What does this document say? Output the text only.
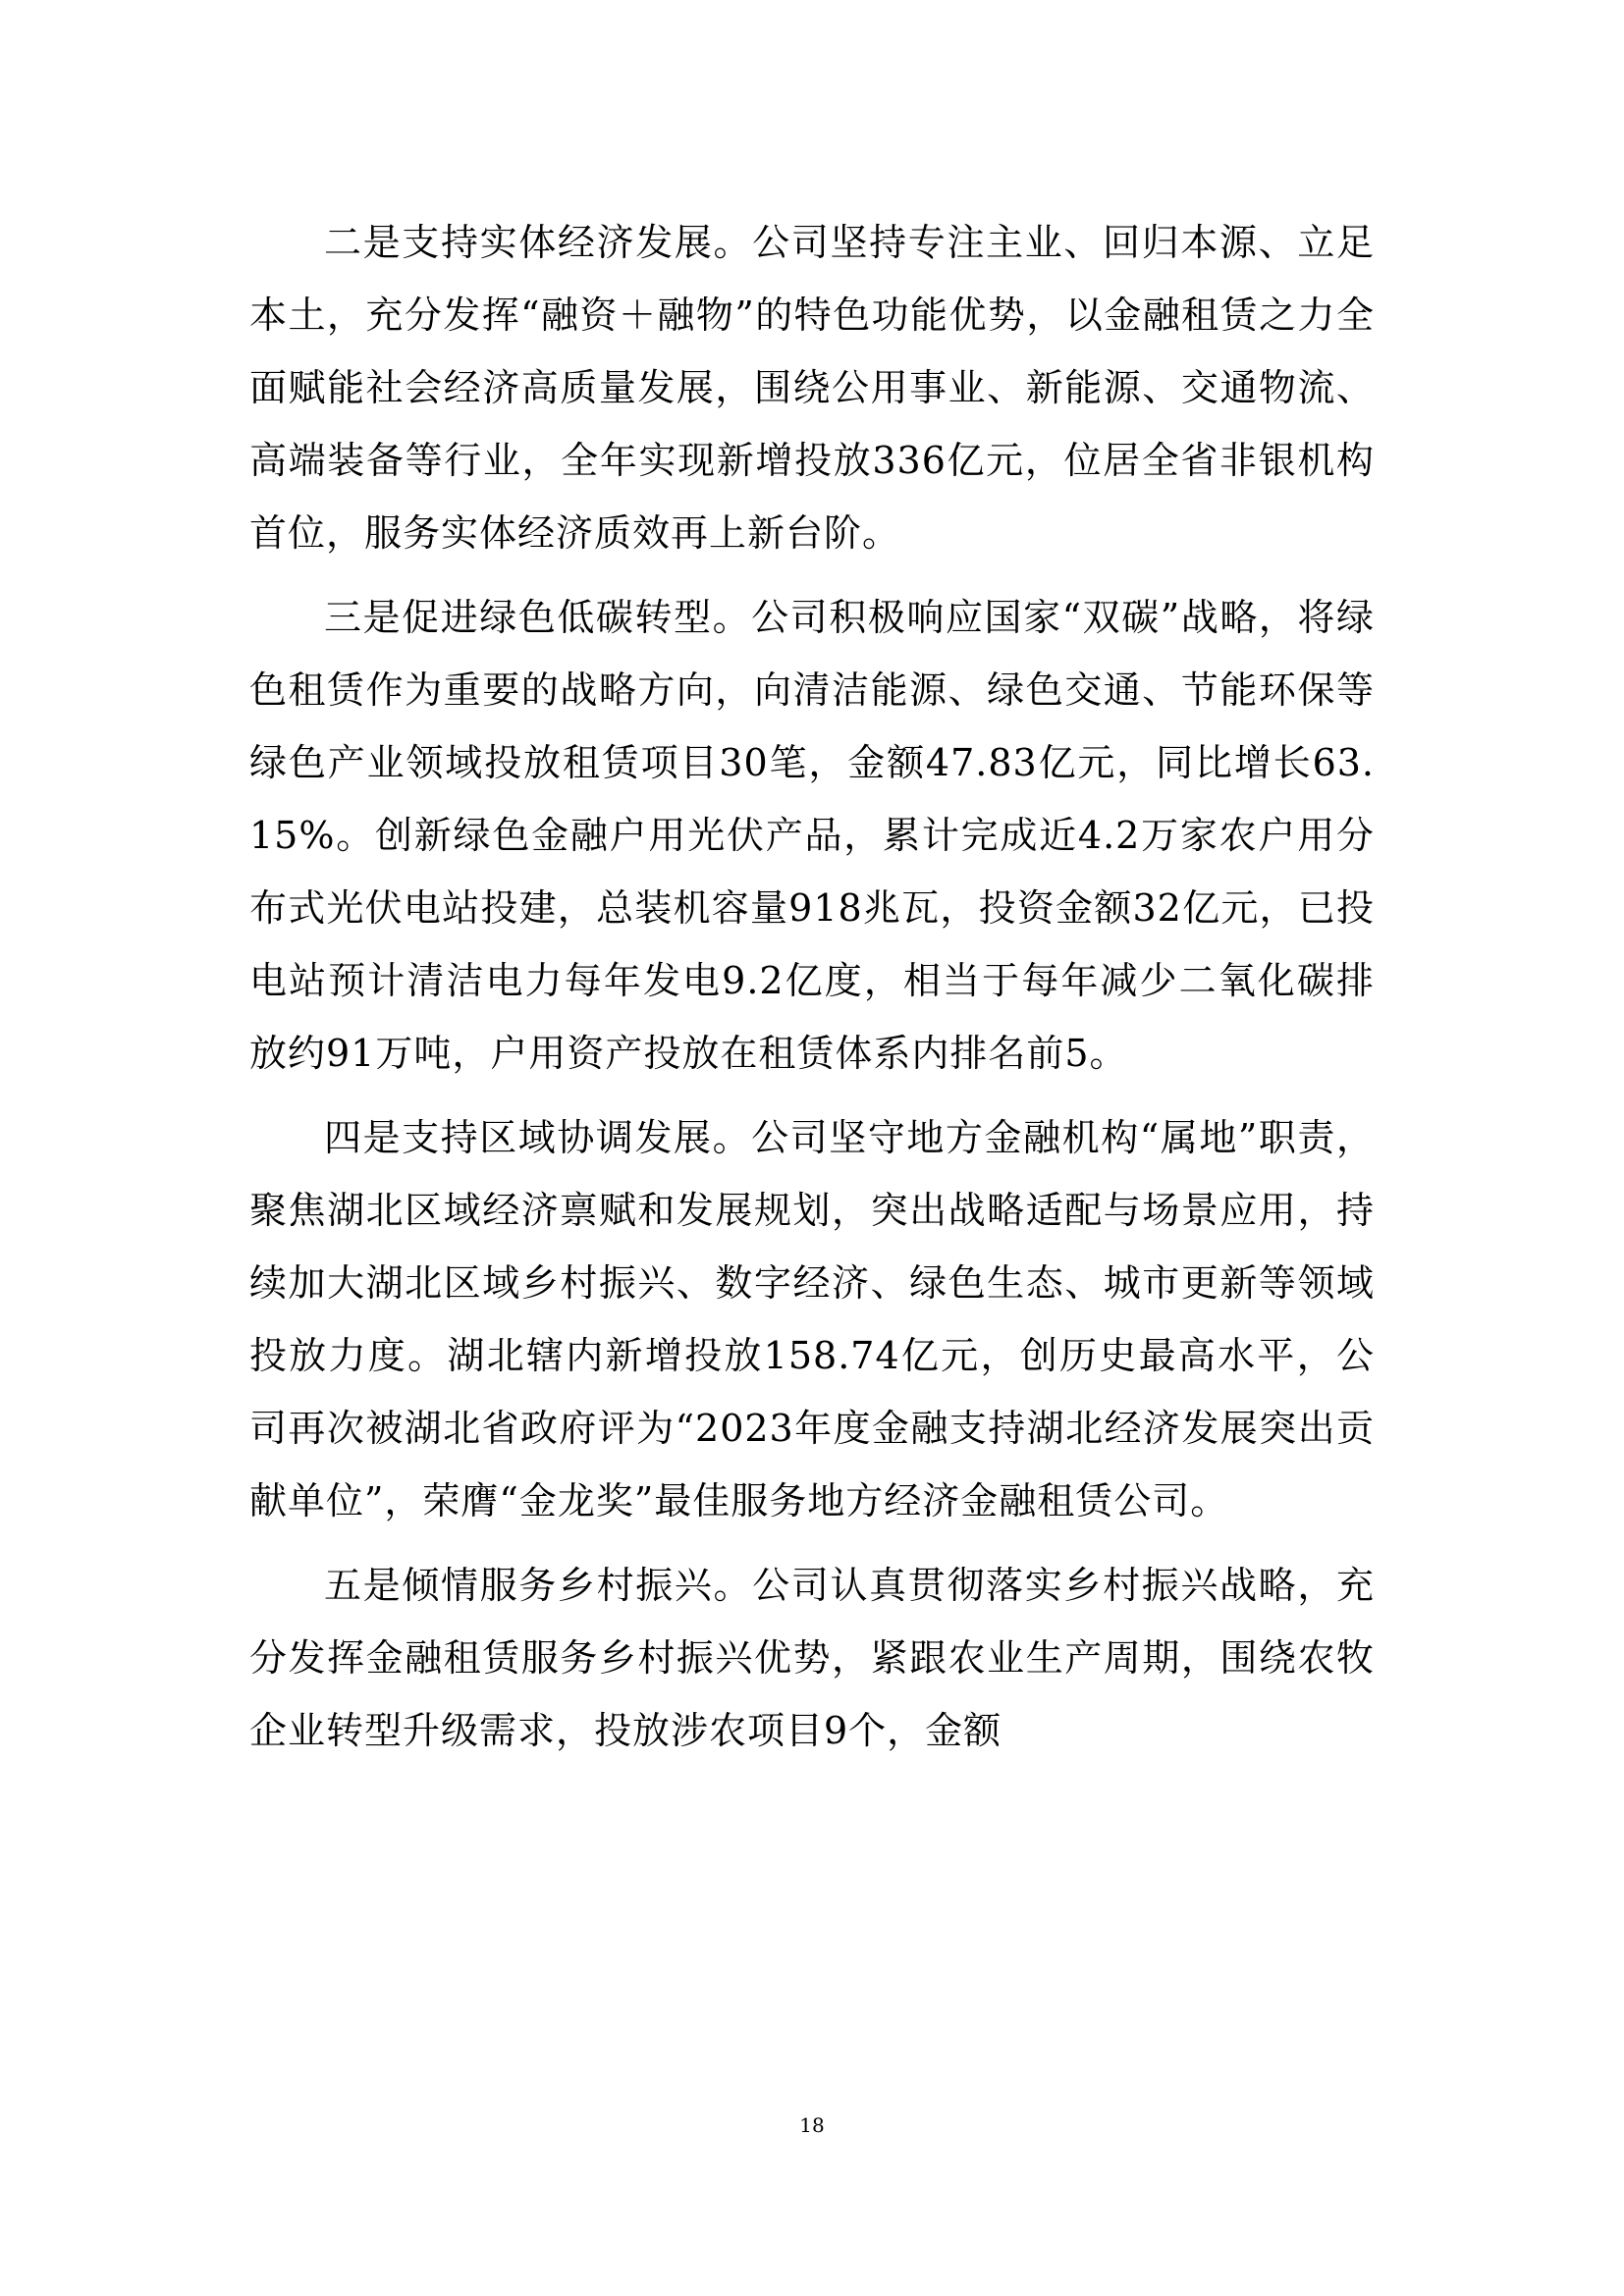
二是支持实体经济发展。公司坚持专注主业、回归本源、立足本土，充分发挥“融资＋融物”的特色功能优势，以金融租赁之力全面赋能社会经济高质量发展，围绕公用事业、新能源、交通物流、高端装备等行业，全年实现新增投放336亿元，位居全省非银机构首位，服务实体经济质效再上新台阶。

三是促进绿色低碳转型。公司积极响应国家“双碳”战略，将绿色租赁作为重要的战略方向，向清洁能源、绿色交通、节能环保等绿色产业领域投放租赁项目30笔，金额47.83亿元，同比增长63.15%。创新绿色金融户用光伏产品，累计完成近4.2万家农户用分布式光伏电站投建，总装机容量918兆瓦，投资金额32亿元，已投电站预计清洁电力每年发电9.2亿度，相当于每年减少二氧化碳排放约91万吨，户用资产投放在租赁体系内排名前5。

四是支持区域协调发展。公司坚守地方金融机构“属地”职责，聚焦湖北区域经济禀赋和发展规划，突出战略适配与场景应用，持续加大湖北区域乡村振兴、数字经济、绿色生态、城市更新等领域投放力度。湖北辖内新增投放158.74亿元，创历史最高水平，公司再次被湖北省政府评为“2023年度金融支持湖北经济发展突出贡献单位”，荣膺“金龙奖”最佳服务地方经济金融租赁公司。

五是倾情服务乡村振兴。公司认真贯彻落实乡村振兴战略，充分发挥金融租赁服务乡村振兴优势，紧跟农业生产周期，围绕农牧企业转型升级需求，投放涉农项目9个，金额

18
